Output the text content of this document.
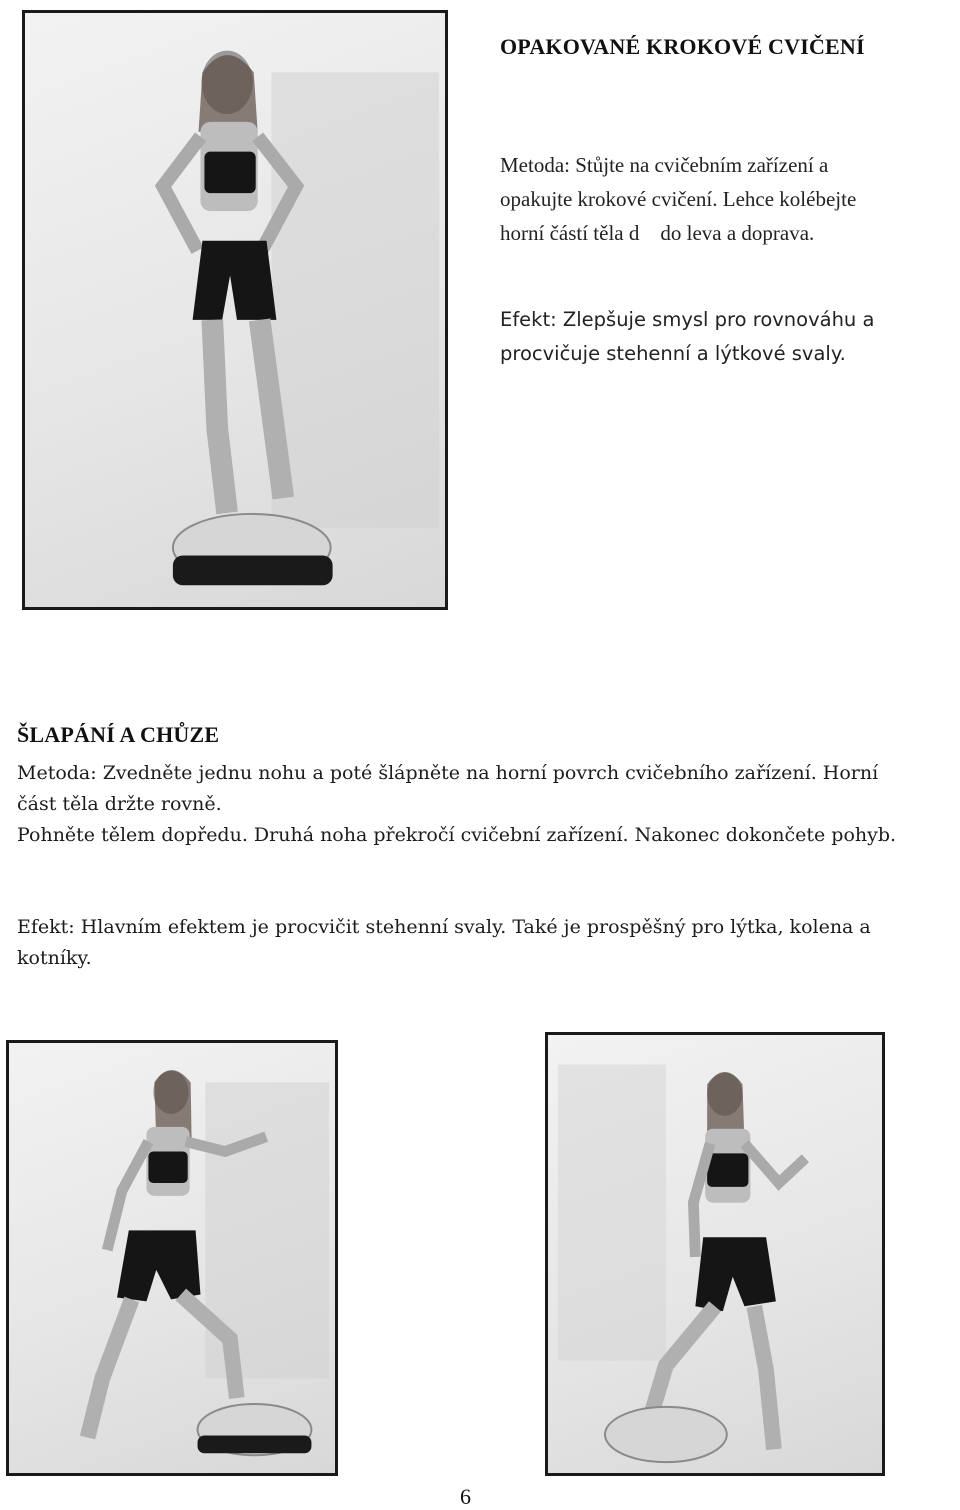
OPAKOVANÉ KROKOVÉ CVIČENÍ
Metoda: Stůjte na cvičebním zařízení a
opakujte krokové cvičení. Lehce kolébejte
horní částí těla d    do leva a doprava.
Efekt: Zlepšuje smysl pro rovnováhu a
procvičuje stehenní a lýtkové svaly.
ŠLAPÁNÍ A CHŮZE
Metoda: Zvedněte jednu nohu a poté šlápněte na horní povrch cvičebního zařízení. Horní
část těla držte rovně.
Pohněte tělem dopředu. Druhá noha překročí cvičební zařízení. Nakonec dokončete pohyb.
Efekt: Hlavním efektem je procvičit stehenní svaly. Také je prospěšný pro lýtka, kolena a
kotníky.
6
